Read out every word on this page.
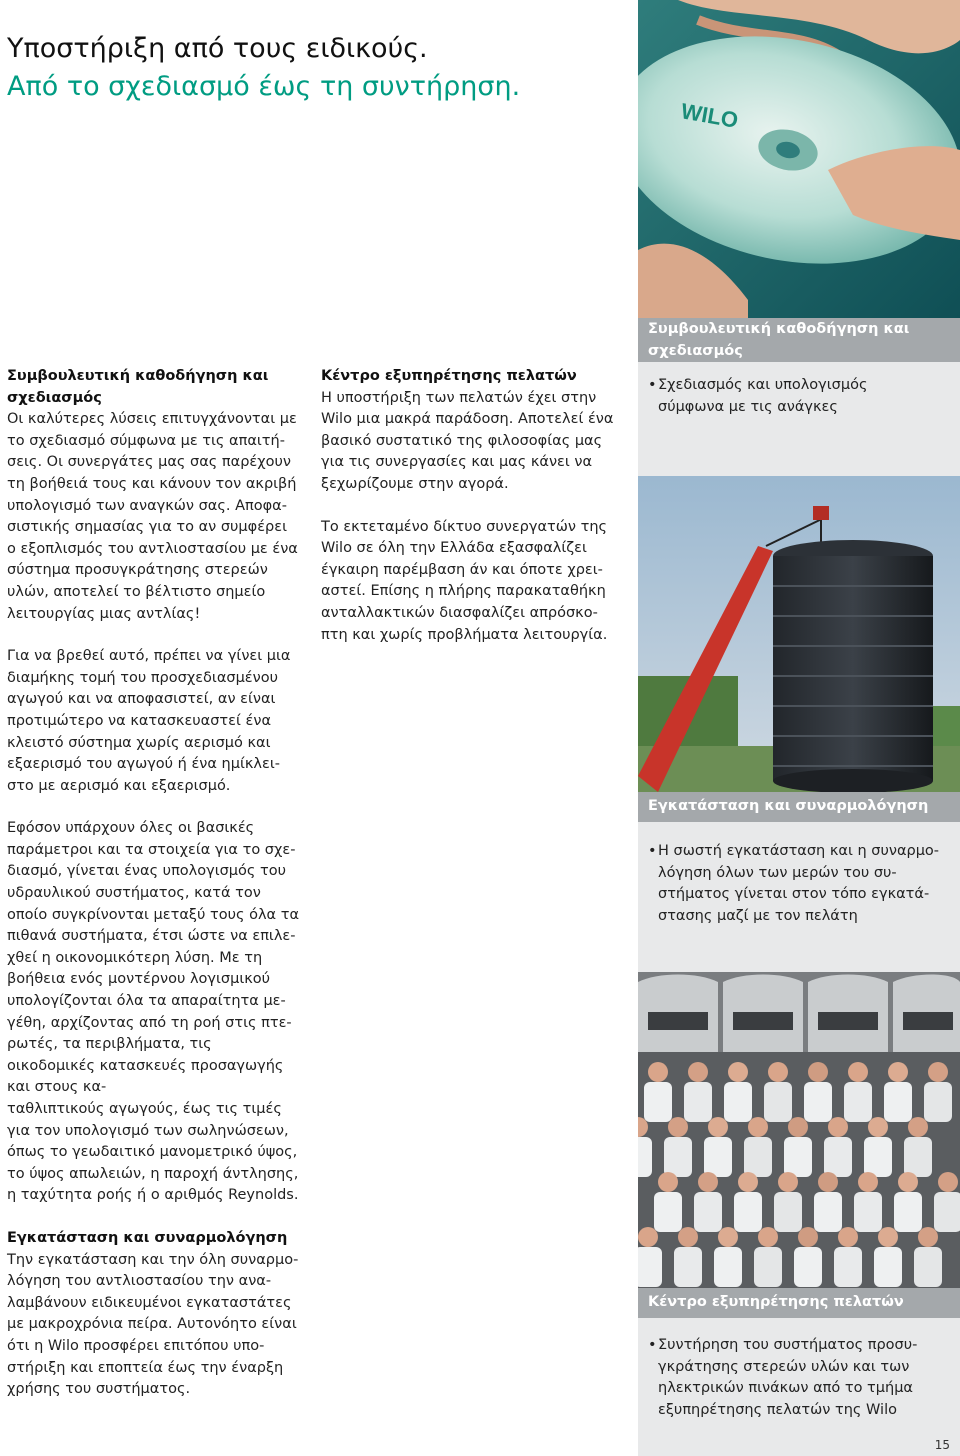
Υποστήριξη από τους ειδικούς.
Από το σχεδιασμό έως τη συντήρηση.
Συμβουλευτική καθοδήγηση και σχεδιασμός

Οι καλύτερες λύσεις επιτυγχάνονται με το σχεδιασμό σύμφωνα με τις απαιτή-
σεις. Οι συνεργάτες μας σας παρέχουν τη βοήθειά τους και κάνουν τον ακριβή υπολογισμό των αναγκών σας. Αποφα-
σιστικής σημασίας για το αν συμφέρει ο εξοπλισμός του αντλιοστασίου με ένα σύστημα προσυγκράτησης στερεών υλών, αποτελεί το βέλτιστο σημείο λειτουργίας μιας αντλίας!

Για να βρεθεί αυτό, πρέπει να γίνει μια διαμήκης τομή του προσχεδιασμένου αγωγού και να αποφασιστεί, αν είναι προτιμώτερο να κατασκευαστεί ένα κλειστό σύστημα χωρίς αερισμό και εξαερισμό του αγωγού ή ένα ημίκλει-
στο με αερισμό και εξαερισμό.

Εφόσον υπάρχουν όλες οι βασικές παράμετροι και τα στοιχεία για το σχε-
διασμό, γίνεται ένας υπολογισμός του υδραυλικού συστήματος, κατά τον οποίο συγκρίνονται μεταξύ τους όλα τα πιθανά συστήματα, έτσι ώστε να επιλε-
χθεί η οικονομικότερη λύση. Με τη βοήθεια ενός μοντέρνου λογισμικού υπολογίζονται όλα τα απαραίτητα με-
γέθη, αρχίζοντας από τη ροή στις πτε-
ρωτές, τα περιβλήματα, τις οικοδομικές κατασκευές προσαγωγής και στους κα-
ταθλιπτικούς αγωγούς, έως τις τιμές για τον υπολογισμό των σωληνώσεων, όπως το γεωδαιτικό μανομετρικό ύψος, το ύψος απωλειών, η παροχή άντλησης, η ταχύτητα ροής ή ο αριθμός Reynolds.

Εγκατάσταση και συναρμολόγηση

Την εγκατάσταση και την όλη συναρμο-
λόγηση του αντλιοστασίου την ανα-
λαμβάνουν ειδικευμένοι εγκαταστάτες με μακροχρόνια πείρα. Αυτονόητο είναι ότι η Wilo προσφέρει επιτόπου υπο-
στήριξη και εποπτεία έως την έναρξη χρήσης του συστήματος.

Κέντρο εξυπηρέτησης πελατών

Η υποστήριξη των πελατών έχει στην Wilo μια μακρά παράδοση. Αποτελεί ένα βασικό συστατικό της φιλοσοφίας μας για τις συνεργασίες και μας κάνει να ξεχωρίζουμε στην αγορά.

Το εκτεταμένο δίκτυο συνεργατών της Wilo σε όλη την Ελλάδα εξασφαλίζει έγκαιρη παρέμβαση άν και όποτε χρει-
αστεί. Επίσης η πλήρης παρακαταθήκη ανταλλακτικών διασφαλίζει απρόσκο-
πτη και χωρίς προβλήματα λειτουργία.

WILO
Συμβουλευτική καθοδήγηση και
σχεδιασμός
• Σχεδιασμός και υπολογισμός
σύμφωνα με τις ανάγκες
Εγκατάσταση και συναρμολόγηση
• Η σωστή εγκατάσταση και η συναρμο-
λόγηση όλων των μερών του συ-
στήματος γίνεται στον τόπο εγκατά-
στασης μαζί με τον πελάτη
Κέντρο εξυπηρέτησης πελατών
• Συντήρηση του συστήματος προσυ-
γκράτησης στερεών υλών και των
ηλεκτρικών πινάκων από το τμήμα
εξυπηρέτησης πελατών της Wilo
15
